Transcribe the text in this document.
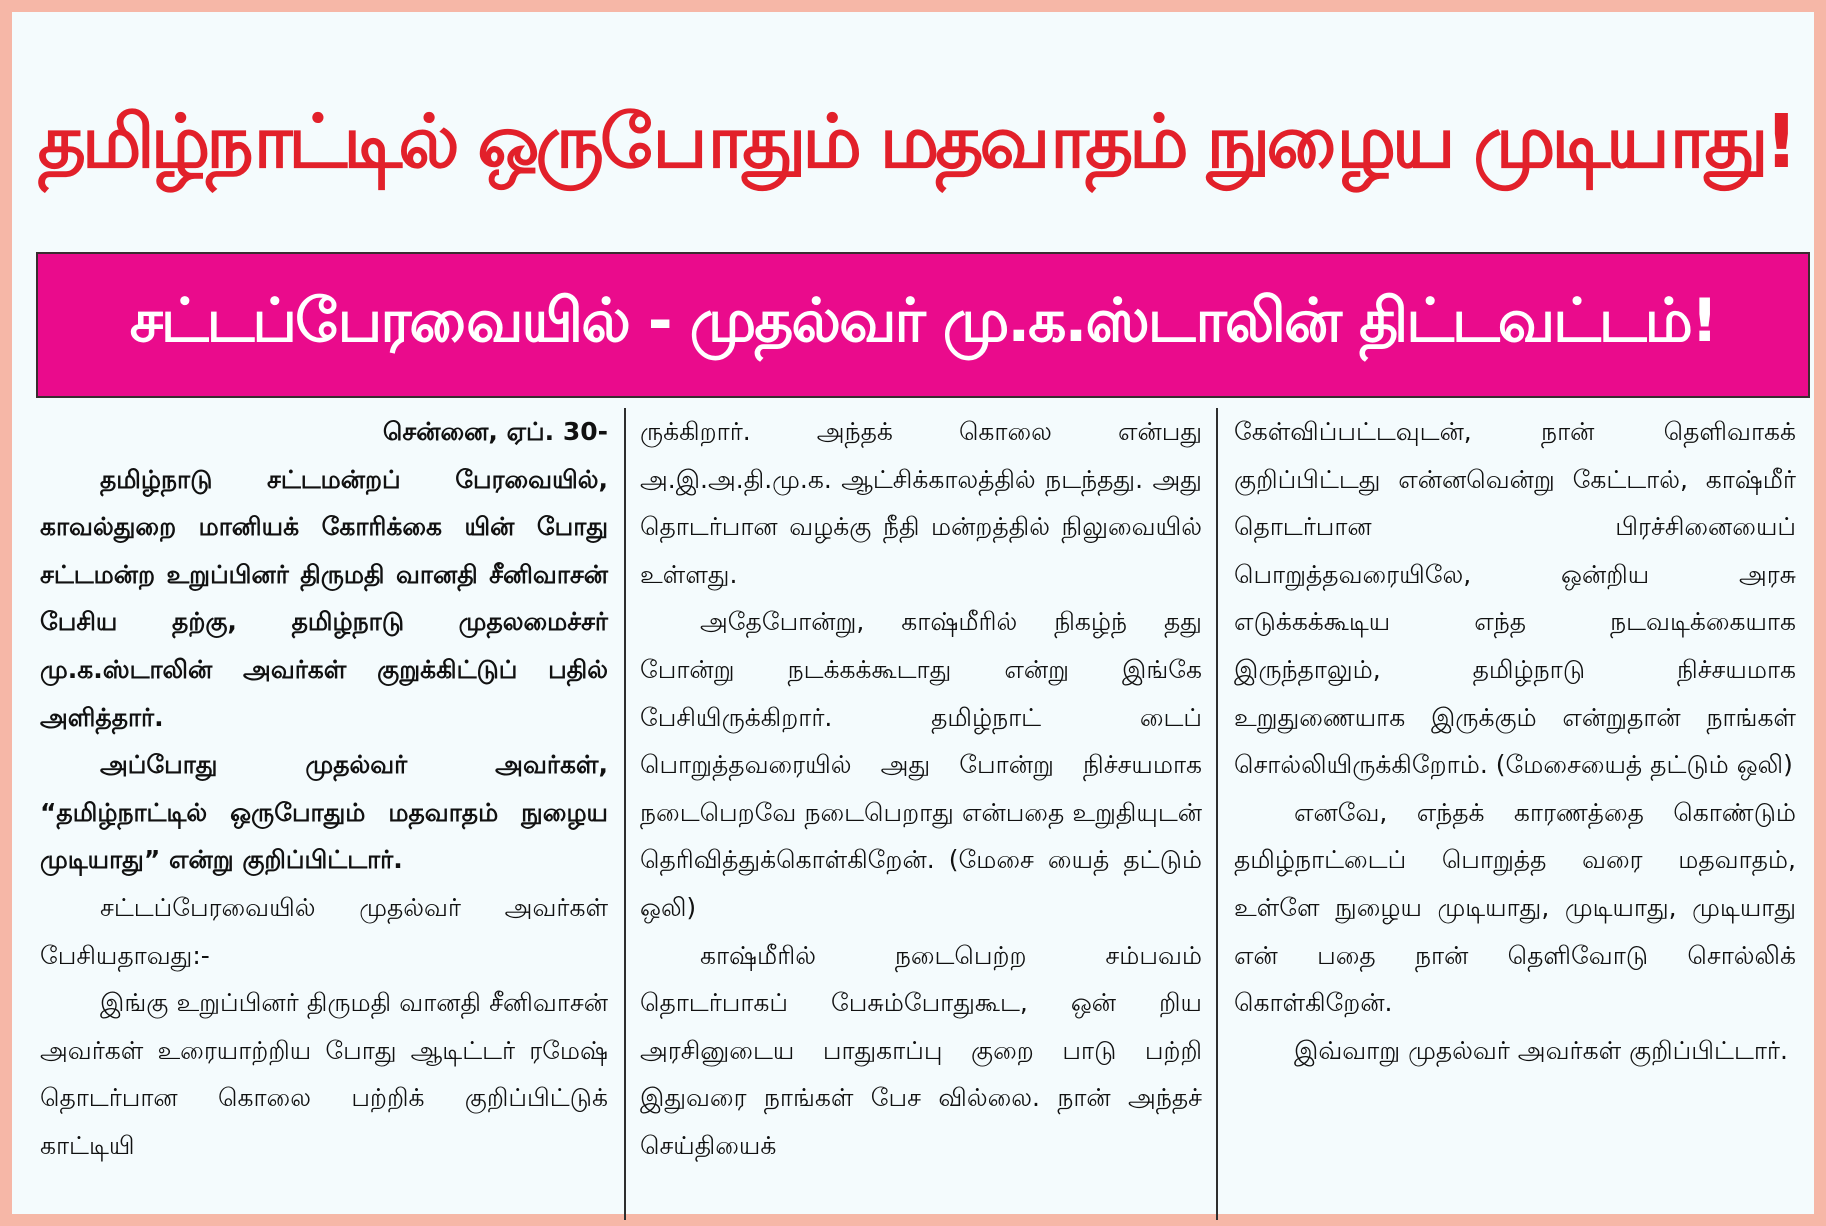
தமிழ்நாட்டில் ஒருபோதும் மதவாதம் நுழைய முடியாது!
சட்டப்பேரவையில் - முதல்வர் மு.க.ஸ்டாலின் திட்டவட்டம்!

சென்னை, ஏப். 30-

தமிழ்நாடு சட்டமன்றப் பேரவையில், காவல்துறை மானியக் கோரிக்கை யின் போது சட்டமன்ற உறுப்பினர் திருமதி வானதி சீனிவாசன் பேசிய தற்கு, தமிழ்நாடு முதலமைச்சர் மு.க.ஸ்டாலின் அவர்கள் குறுக்கிட்டுப் பதில் அளித்தார்.

அப்போது முதல்வர் அவர்கள், “தமிழ்நாட்டில் ஒருபோதும் மதவாதம் நுழைய முடியாது” என்று குறிப்பிட்டார்.

சட்டப்பேரவையில் முதல்வர் அவர்கள் பேசியதாவது:-

இங்கு உறுப்பினர் திருமதி வானதி சீனிவாசன் அவர்கள் உரையாற்றிய போது ஆடிட்டர் ரமேஷ் தொடர்பான கொலை பற்றிக் குறிப்பிட்டுக் காட்டியி

ருக்கிறார். அந்தக் கொலை என்பது அ.இ.அ.தி.மு.க. ஆட்சிக்காலத்தில் நடந்தது. அது தொடர்பான வழக்கு நீதி மன்றத்தில் நிலுவையில் உள்ளது.

அதேபோன்று, காஷ்மீரில் நிகழ்ந் தது போன்று நடக்கக்கூடாது என்று இங்கே பேசியிருக்கிறார். தமிழ்நாட் டைப் பொறுத்தவரையில் அது போன்று நிச்சயமாக நடைபெறவே நடைபெறாது என்பதை உறுதியுடன் தெரிவித்துக்கொள்கிறேன். (மேசை யைத் தட்டும் ஒலி)

காஷ்மீரில் நடைபெற்ற சம்பவம் தொடர்பாகப் பேசும்போதுகூட, ஒன் றிய அரசினுடைய பாதுகாப்பு குறை பாடு பற்றி இதுவரை நாங்கள் பேச வில்லை. நான் அந்தச் செய்தியைக்

கேள்விப்பட்டவுடன், நான் தெளிவாகக் குறிப்பிட்டது என்னவென்று கேட்டால், காஷ்மீர் தொடர்பான பிரச்சினையைப் பொறுத்தவரையிலே, ஒன்றிய அரசு எடுக்கக்கூடிய எந்த நடவடிக்கையாக இருந்தாலும், தமிழ்நாடு நிச்சயமாக உறுதுணையாக இருக்கும் என்றுதான் நாங்கள் சொல்லியிருக்கிறோம். (மேசையைத் தட்டும் ஒலி)

எனவே, எந்தக் காரணத்தை கொண்டும் தமிழ்நாட்டைப் பொறுத்த வரை மதவாதம், உள்ளே நுழைய முடியாது, முடியாது, முடியாது என் பதை நான் தெளிவோடு சொல்லிக் கொள்கிறேன்.

இவ்வாறு முதல்வர் அவர்கள் குறிப்பிட்டார்.
